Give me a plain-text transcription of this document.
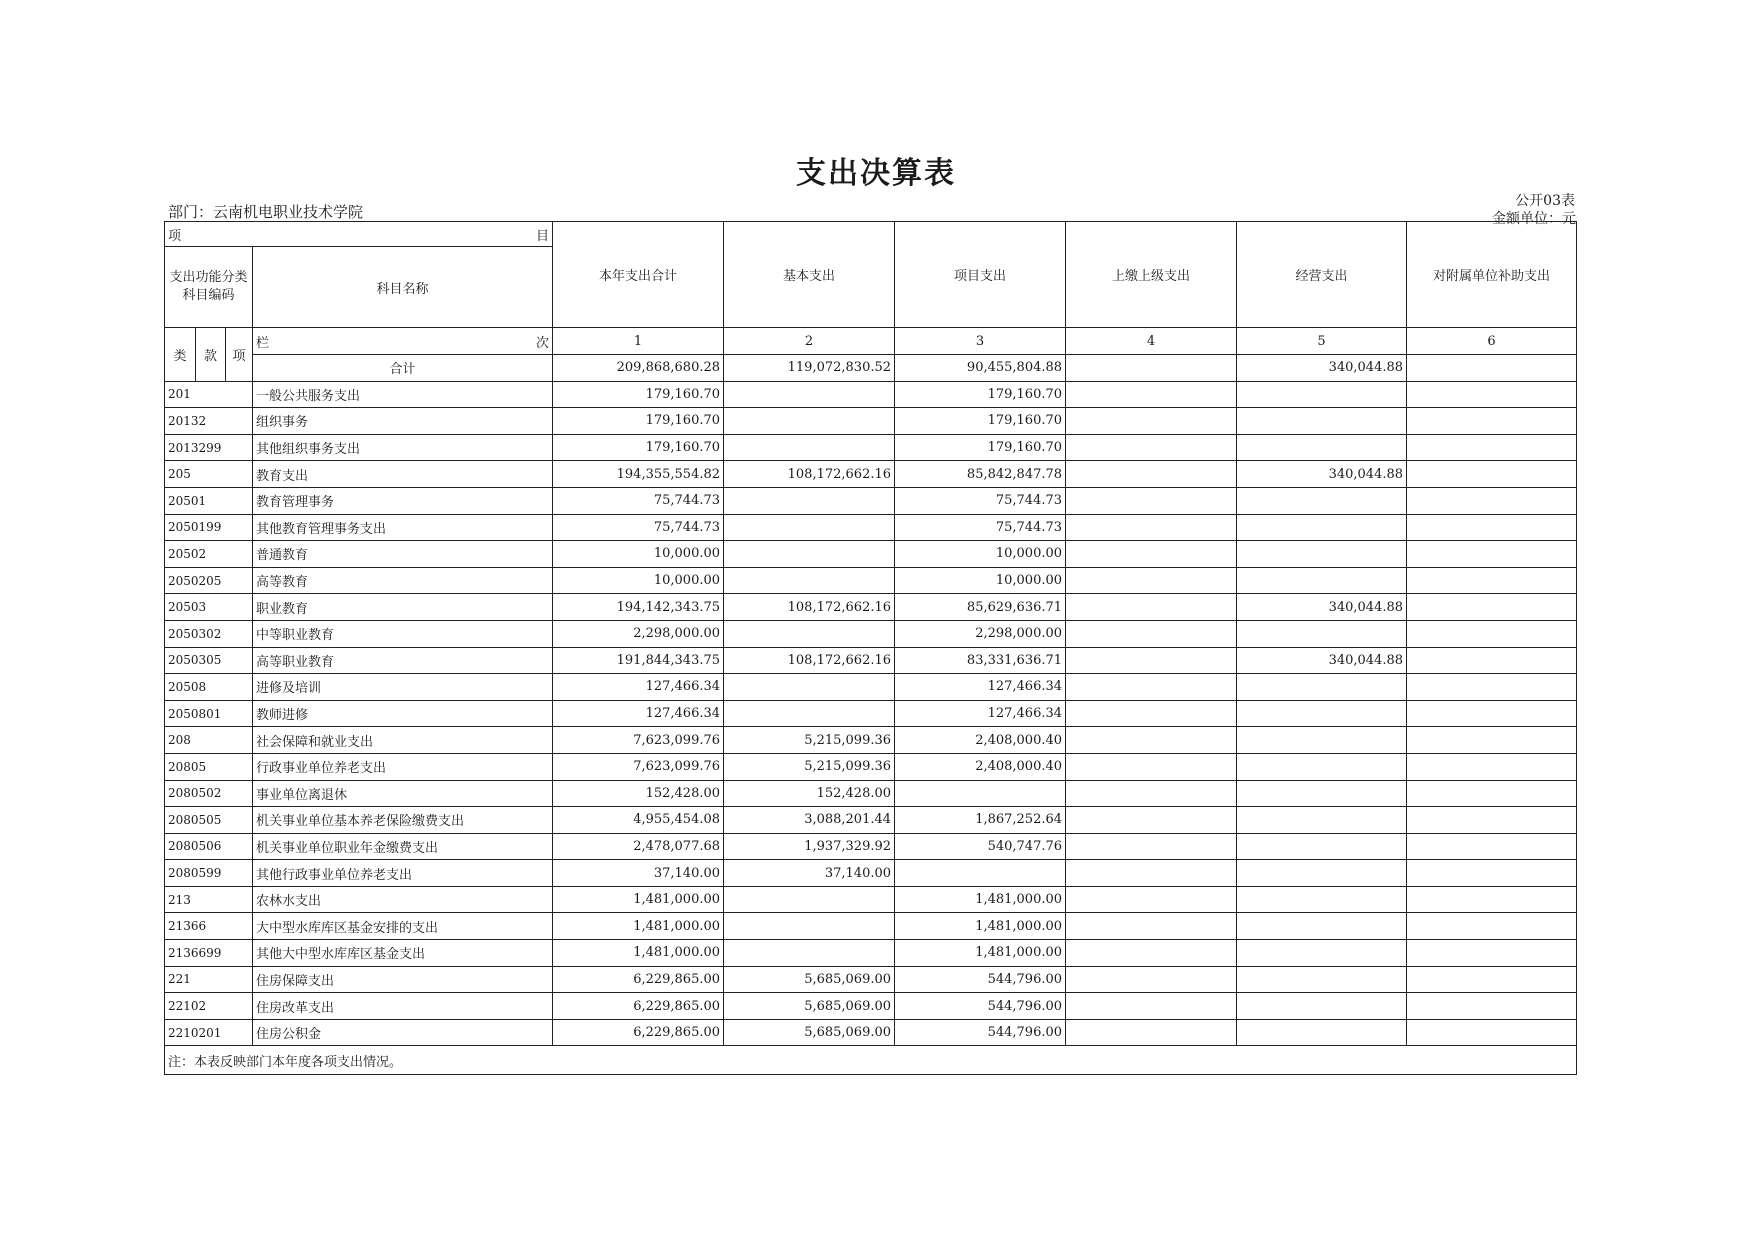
支出决算表
部门：云南机电职业技术学院
公开03表
金额单位：元
项 目				本年支出合计	基本支出	项目支出	上缴上级支出	经营支出	对附属单位补助支出
支出功能分类科目编码			科目名称						
类	款	项	栏 次	1	2	3	4	5	6
			合计	209,868,680.28	119,072,830.52	90,455,804.88		340,044.88	
201			一般公共服务支出	179,160.70		179,160.70			
20132			组织事务	179,160.70		179,160.70			
2013299			其他组织事务支出	179,160.70		179,160.70			
205			教育支出	194,355,554.82	108,172,662.16	85,842,847.78		340,044.88	
20501			教育管理事务	75,744.73		75,744.73			
2050199			其他教育管理事务支出	75,744.73		75,744.73			
20502			普通教育	10,000.00		10,000.00			
2050205			高等教育	10,000.00		10,000.00			
20503			职业教育	194,142,343.75	108,172,662.16	85,629,636.71		340,044.88	
2050302			中等职业教育	2,298,000.00		2,298,000.00			
2050305			高等职业教育	191,844,343.75	108,172,662.16	83,331,636.71		340,044.88	
20508			进修及培训	127,466.34		127,466.34			
2050801			教师进修	127,466.34		127,466.34			
208			社会保障和就业支出	7,623,099.76	5,215,099.36	2,408,000.40			
20805			行政事业单位养老支出	7,623,099.76	5,215,099.36	2,408,000.40			
2080502			事业单位离退休	152,428.00	152,428.00				
2080505			机关事业单位基本养老保险缴费支出	4,955,454.08	3,088,201.44	1,867,252.64			
2080506			机关事业单位职业年金缴费支出	2,478,077.68	1,937,329.92	540,747.76			
2080599			其他行政事业单位养老支出	37,140.00	37,140.00				
213			农林水支出	1,481,000.00		1,481,000.00			
21366			大中型水库库区基金安排的支出	1,481,000.00		1,481,000.00			
2136699			其他大中型水库库区基金支出	1,481,000.00		1,481,000.00			
221			住房保障支出	6,229,865.00	5,685,069.00	544,796.00			
22102			住房改革支出	6,229,865.00	5,685,069.00	544,796.00			
2210201			住房公积金	6,229,865.00	5,685,069.00	544,796.00			
注：本表反映部门本年度各项支出情况。									
